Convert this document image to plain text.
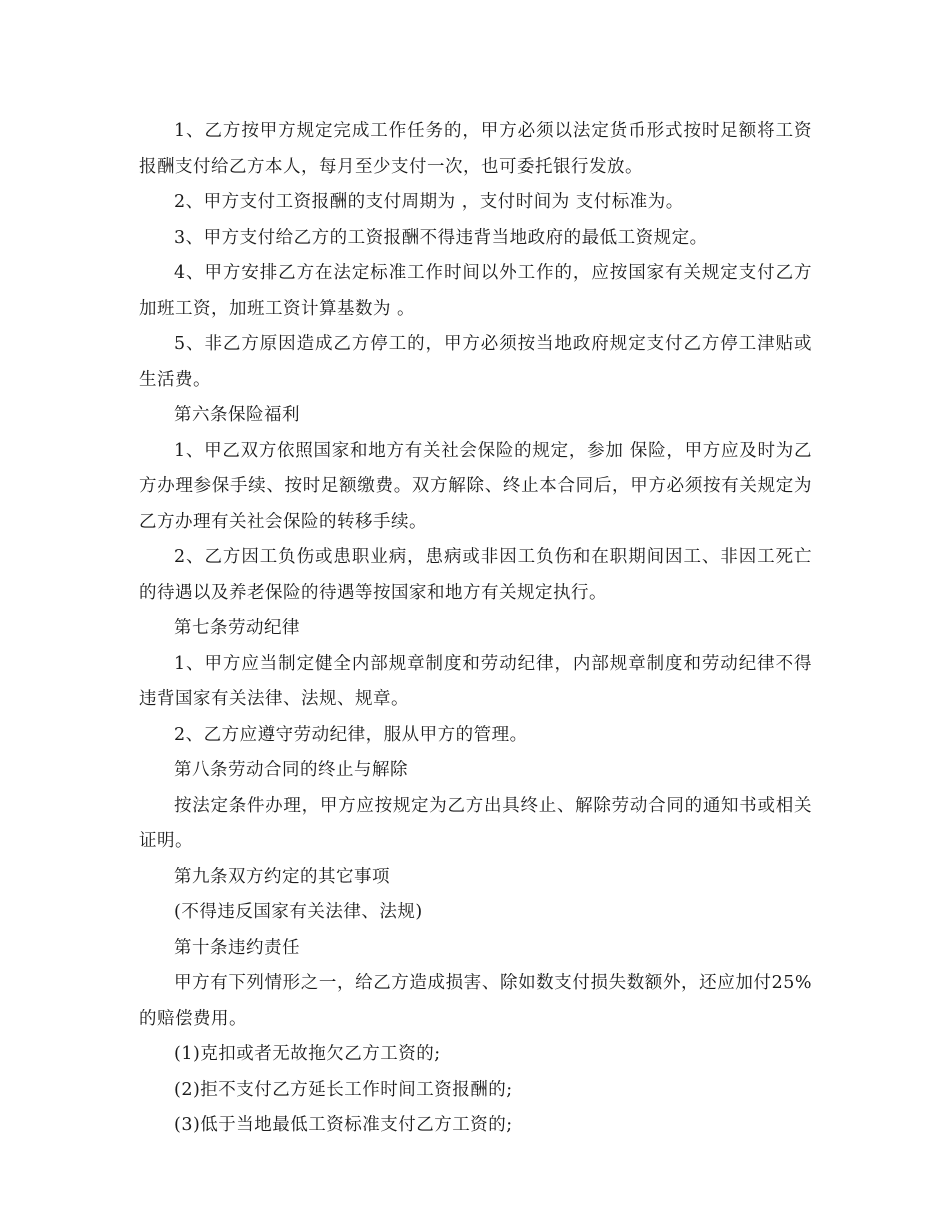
1、乙方按甲方规定完成工作任务的，甲方必须以法定货币形式按时足额将工资报酬支付给乙方本人，每月至少支付一次，也可委托银行发放。

2、甲方支付工资报酬的支付周期为 ，支付时间为 支付标准为。

3、甲方支付给乙方的工资报酬不得违背当地政府的最低工资规定。

4、甲方安排乙方在法定标准工作时间以外工作的，应按国家有关规定支付乙方加班工资，加班工资计算基数为 。

5、非乙方原因造成乙方停工的，甲方必须按当地政府规定支付乙方停工津贴或生活费。

第六条保险福利

1、甲乙双方依照国家和地方有关社会保险的规定，参加 保险，甲方应及时为乙方办理参保手续、按时足额缴费。双方解除、终止本合同后，甲方必须按有关规定为乙方办理有关社会保险的转移手续。

2、乙方因工负伤或患职业病，患病或非因工负伤和在职期间因工、非因工死亡的待遇以及养老保险的待遇等按国家和地方有关规定执行。

第七条劳动纪律

1、甲方应当制定健全内部规章制度和劳动纪律，内部规章制度和劳动纪律不得违背国家有关法律、法规、规章。

2、乙方应遵守劳动纪律，服从甲方的管理。

第八条劳动合同的终止与解除

按法定条件办理，甲方应按规定为乙方出具终止、解除劳动合同的通知书或相关证明。

第九条双方约定的其它事项

(不得违反国家有关法律、法规)

第十条违约责任

甲方有下列情形之一，给乙方造成损害、除如数支付损失数额外，还应加付25%的赔偿费用。

(1)克扣或者无故拖欠乙方工资的;

(2)拒不支付乙方延长工作时间工资报酬的;

(3)低于当地最低工资标准支付乙方工资的;
